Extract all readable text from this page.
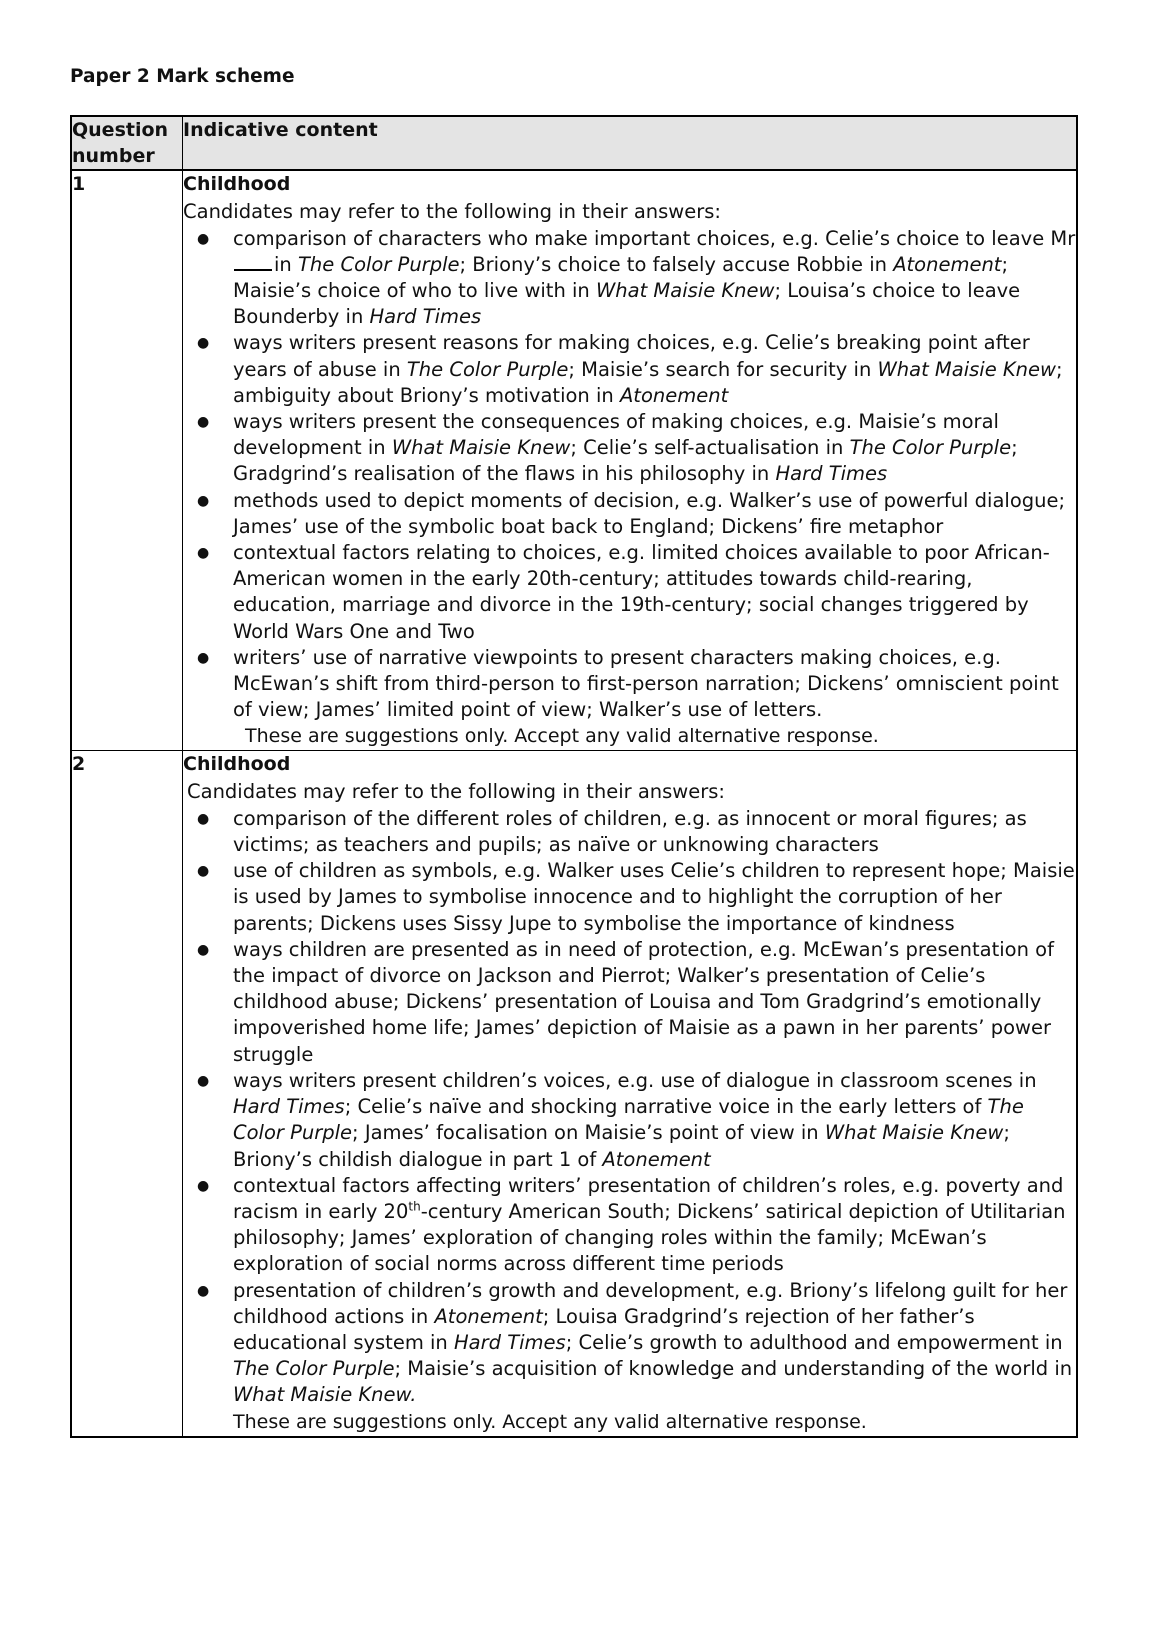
Paper 2 Mark scheme
Question number	Indicative content
1	Childhood
Candidates may refer to the following in their answers:
● comparison of characters who make important choices, e.g. Celie’s choice to leave Mrin The Color Purple; Briony’s choice to falsely accuse Robbie in Atonement; Maisie’s choice of who to live with in What Maisie Knew; Louisa’s choice to leave Bounderby in Hard Times
● ways writers present reasons for making choices, e.g. Celie’s breaking point after years of abuse in The Color Purple; Maisie’s search for security in What Maisie Knew; ambiguity about Briony’s motivation in Atonement
● ways writers present the consequences of making choices, e.g. Maisie’s moral development in What Maisie Knew; Celie’s self-actualisation in The Color Purple; Gradgrind’s realisation of the flaws in his philosophy in Hard Times
● methods used to depict moments of decision, e.g. Walker’s use of powerful dialogue; James’ use of the symbolic boat back to England; Dickens’ fire metaphor
● contextual factors relating to choices, e.g. limited choices available to poor African-American women in the early 20th-century; attitudes towards child-rearing, education, marriage and divorce in the 19th-century; social changes triggered by World Wars One and Two
● writers’ use of narrative viewpoints to present characters making choices, e.g. McEwan’s shift from third-person to first-person narration; Dickens’ omniscient point of view; James’ limited point of view; Walker’s use of letters.
These are suggestions only. Accept any valid alternative response.

2	Childhood
Candidates may refer to the following in their answers:
● comparison of the different roles of children, e.g. as innocent or moral figures; as victims; as teachers and pupils; as naïve or unknowing characters
● use of children as symbols, e.g. Walker uses Celie’s children to represent hope; Maisie is used by James to symbolise innocence and to highlight the corruption of her parents; Dickens uses Sissy Jupe to symbolise the importance of kindness
● ways children are presented as in need of protection, e.g. McEwan’s presentation of the impact of divorce on Jackson and Pierrot; Walker’s presentation of Celie’s childhood abuse; Dickens’ presentation of Louisa and Tom Gradgrind’s emotionally impoverished home life; James’ depiction of Maisie as a pawn in her parents’ power struggle
● ways writers present children’s voices, e.g. use of dialogue in classroom scenes in Hard Times; Celie’s naïve and shocking narrative voice in the early letters of The Color Purple; James’ focalisation on Maisie’s point of view in What Maisie Knew; Briony’s childish dialogue in part 1 of Atonement
● contextual factors affecting writers’ presentation of children’s roles, e.g. poverty and racism in early 20th-century American South; Dickens’ satirical depiction of Utilitarian philosophy; James’ exploration of changing roles within the family; McEwan’s exploration of social norms across different time periods
● presentation of children’s growth and development, e.g. Briony’s lifelong guilt for her childhood actions in Atonement; Louisa Gradgrind’s rejection of her father’s educational system in Hard Times; Celie’s growth to adulthood and empowerment in The Color Purple; Maisie’s acquisition of knowledge and understanding of the world in What Maisie Knew.
These are suggestions only. Accept any valid alternative response.
